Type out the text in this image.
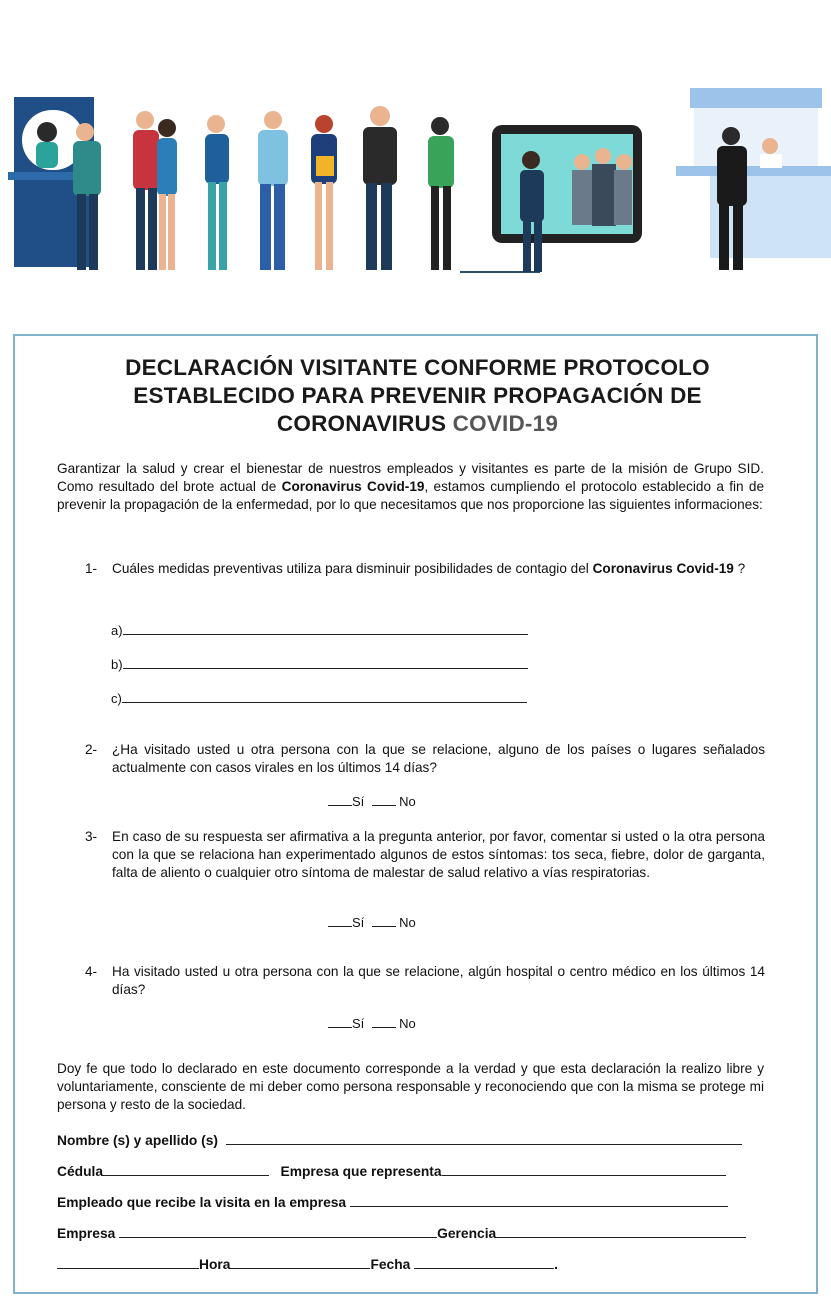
DECLARACIÓN VISITANTE CONFORME PROTOCOLO ESTABLECIDO PARA PREVENIR PROPAGACIÓN DE CORONAVIRUS COVID-19

Garantizar la salud y crear el bienestar de nuestros empleados y visitantes es parte de la misión de Grupo SID. Como resultado del brote actual de Coronavirus Covid-19, estamos cumpliendo el protocolo establecido a fin de prevenir la propagación de la enfermedad, por lo que necesitamos que nos proporcione las siguientes informaciones:

1- Cuáles medidas preventivas utiliza para disminuir posibilidades de contagio del Coronavirus Covid-19 ?
a)
b)
c)
2- ¿Ha visitado usted u otra persona con la que se relacione, alguno de los países o lugares señalados actualmente con casos virales en los últimos 14 días?
Sí	No
3- En caso de su respuesta ser afirmativa a la pregunta anterior, por favor, comentar si usted o la otra persona con la que se relaciona han experimentado algunos de estos síntomas: tos seca, fiebre, dolor de garganta, falta de aliento o cualquier otro síntoma de malestar de salud relativo a vías respiratorias.
Sí	No
4- Ha visitado usted u otra persona con la que se relacione, algún hospital o centro médico en los últimos 14 días?
Sí	No

Doy fe que todo lo declarado en este documento corresponde a la verdad y que esta declaración la realizo libre y voluntariamente, consciente de mi deber como persona responsable y reconociendo que con la misma se protege mi persona y resto de la sociedad.

Nombre (s) y apellido (s)
Cédula	Empresa que representa
Empleado que recibe la visita en la empresa
Empresa	Gerencia
Hora	Fecha	.
